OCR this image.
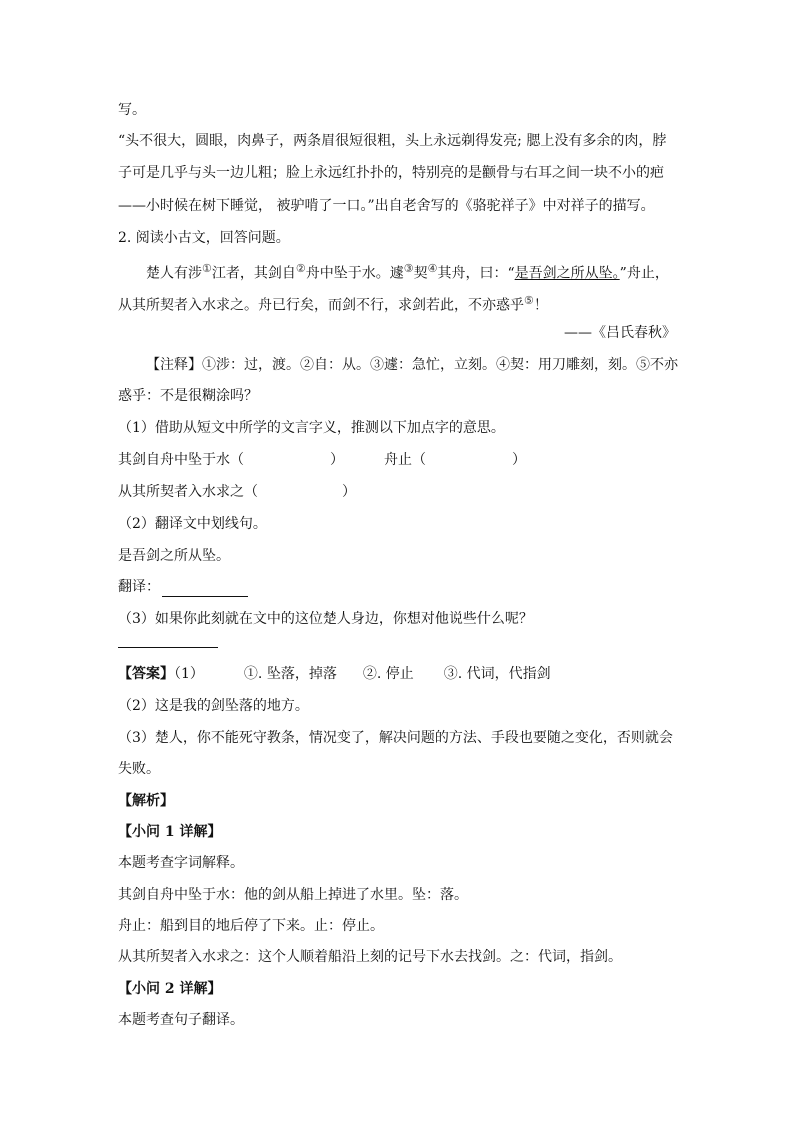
写。
“头不很大，圆眼，肉鼻子，两条眉很短很粗，头上永远剃得发亮; 腮上没有多余的肉，脖
子可是几乎与头一边儿粗；脸上永远红扑扑的，特别亮的是颧骨与右耳之间一块不小的疤
——小时候在树下睡觉， 被驴啃了一口。”出自老舍写的《骆驼祥子》中对祥子的描写。
2. 阅读小古文，回答问题。
楚人有涉①江者，其剑自②舟中坠于水。遽③契④其舟，曰：“是吾剑之所从坠。”舟止，
从其所契者入水求之。舟已行矣，而剑不行，求剑若此，不亦惑乎⑤！
——《吕氏春秋》
【注释】①涉：过，渡。②自：从。③遽：急忙，立刻。④契：用刀雕刻，刻。⑤不亦
惑乎：不是很糊涂吗？
（1）借助从短文中所学的文言字义，推测以下加点字的意思。
其剑自舟中坠于水（	）	舟止（	）
从其所契者入水求之（	）
（2）翻译文中划线句。
是吾剑之所从坠。
翻译：
（3）如果你此刻就在文中的这位楚人身边，你想对他说些什么呢？
【答案】（1）	①. 坠落，掉落 ②. 停止 ③. 代词，代指剑
（2）这是我的剑坠落的地方。
（3）楚人，你不能死守教条，情况变了，解决问题的方法、手段也要随之变化，否则就会
失败。
【解析】
【小问 1 详解】
本题考查字词解释。
其剑自舟中坠于水：他的剑从船上掉进了水里。坠：落。
舟止：船到目的地后停了下来。止：停止。
从其所契者入水求之：这个人顺着船沿上刻的记号下水去找剑。之：代词，指剑。
【小问 2 详解】
本题考查句子翻译。
